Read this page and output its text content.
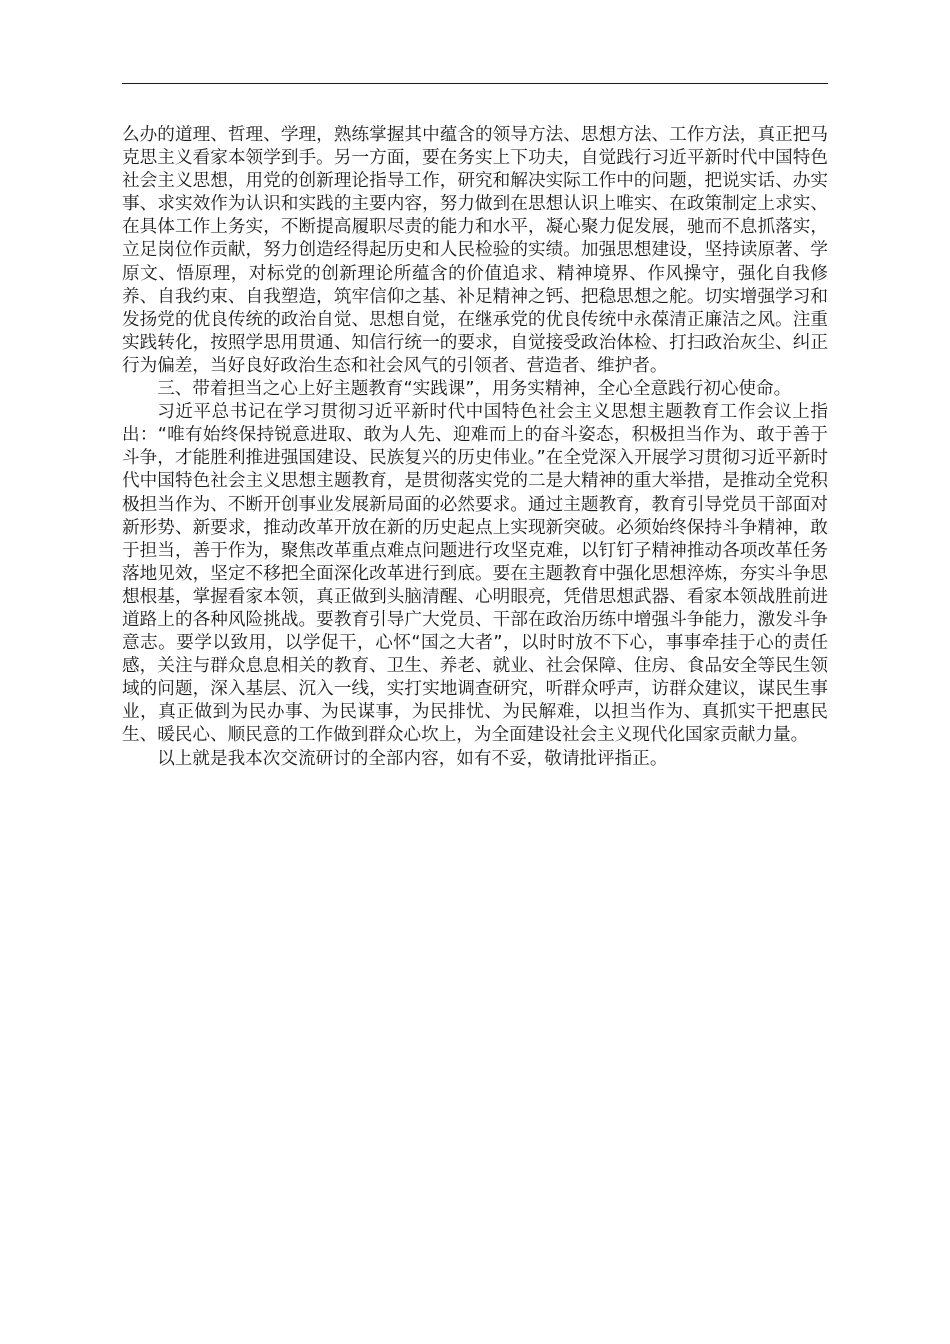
么办的道理、哲理、学理，熟练掌握其中蕴含的领导方法、思想方法、工作方法，真正把马克思主义看家本领学到手。另一方面，要在务实上下功夫，自觉践行习近平新时代中国特色社会主义思想，用党的创新理论指导工作，研究和解决实际工作中的问题，把说实话、办实事、求实效作为认识和实践的主要内容，努力做到在思想认识上唯实、在政策制定上求实、在具体工作上务实，不断提高履职尽责的能力和水平，凝心聚力促发展，驰而不息抓落实，立足岗位作贡献，努力创造经得起历史和人民检验的实绩。加强思想建设，坚持读原著、学原文、悟原理，对标党的创新理论所蕴含的价值追求、精神境界、作风操守，强化自我修养、自我约束、自我塑造，筑牢信仰之基、补足精神之钙、把稳思想之舵。切实增强学习和发扬党的优良传统的政治自觉、思想自觉，在继承党的优良传统中永葆清正廉洁之风。注重实践转化，按照学思用贯通、知信行统一的要求，自觉接受政治体检、打扫政治灰尘、纠正行为偏差，当好良好政治生态和社会风气的引领者、营造者、维护者。

三、带着担当之心上好主题教育“实践课”，用务实精神，全心全意践行初心使命。

习近平总书记在学习贯彻习近平新时代中国特色社会主义思想主题教育工作会议上指出：“唯有始终保持锐意进取、敢为人先、迎难而上的奋斗姿态，积极担当作为、敢于善于斗争，才能胜利推进强国建设、民族复兴的历史伟业。”在全党深入开展学习贯彻习近平新时代中国特色社会主义思想主题教育，是贯彻落实党的二是大精神的重大举措，是推动全党积极担当作为、不断开创事业发展新局面的必然要求。通过主题教育，教育引导党员干部面对新形势、新要求，推动改革开放在新的历史起点上实现新突破。必须始终保持斗争精神，敢于担当，善于作为，聚焦改革重点难点问题进行攻坚克难，以钉钉子精神推动各项改革任务落地见效，坚定不移把全面深化改革进行到底。要在主题教育中强化思想淬炼，夯实斗争思想根基，掌握看家本领，真正做到头脑清醒、心明眼亮，凭借思想武器、看家本领战胜前进道路上的各种风险挑战。要教育引导广大党员、干部在政治历练中增强斗争能力，激发斗争意志。要学以致用，以学促干，心怀“国之大者”，以时时放不下心，事事牵挂于心的责任感，关注与群众息息相关的教育、卫生、养老、就业、社会保障、住房、食品安全等民生领域的问题，深入基层、沉入一线，实打实地调查研究，听群众呼声，访群众建议，谋民生事业，真正做到为民办事、为民谋事，为民排忧、为民解难，以担当作为、真抓实干把惠民生、暖民心、顺民意的工作做到群众心坎上，为全面建设社会主义现代化国家贡献力量。

以上就是我本次交流研讨的全部内容，如有不妥，敬请批评指正。
